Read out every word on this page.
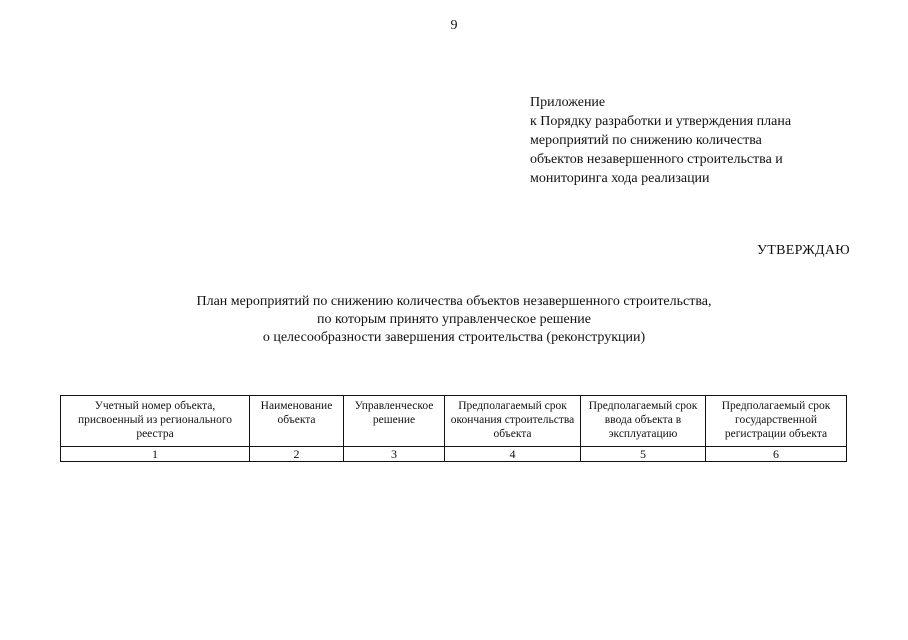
9
Приложение
к Порядку разработки и утверждения плана
мероприятий по снижению количества
объектов незавершенного строительства и
мониторинга хода реализации
УТВЕРЖДАЮ
План мероприятий по снижению количества объектов незавершенного строительства,
по которым принято управленческое решение
о целесообразности завершения строительства (реконструкции)
Учетный номер объекта, присвоенный из регионального реестра	Наименование объекта	Управленческое решение	Предполагаемый срок окончания строительства объекта	Предполагаемый срок ввода объекта в эксплуатацию	Предполагаемый срок государственной регистрации объекта
1	2	3	4	5	6
